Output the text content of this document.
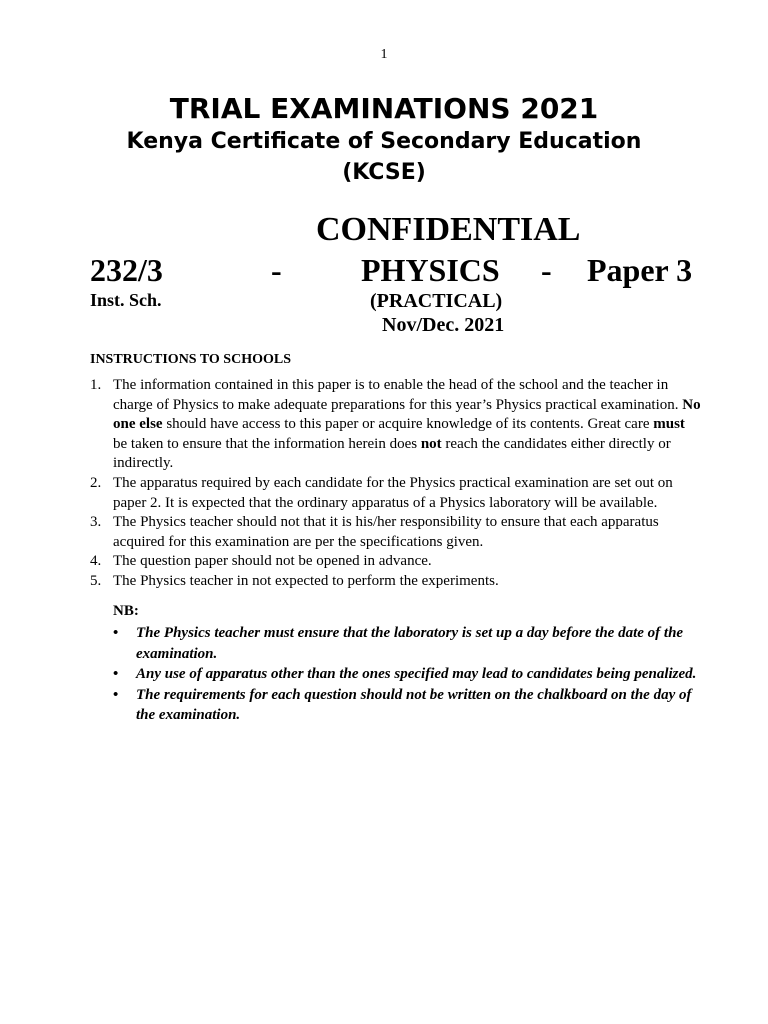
1

TRIAL EXAMINATIONS 2021

Kenya Certificate of Secondary Education

(KCSE)

CONFIDENTIAL
232/3	- PHYSICS - Paper 3
Inst. Sch.	(PRACTICAL)
Nov/Dec. 2021
INSTRUCTIONS TO SCHOOLS
1. The information contained in this paper is to enable the head of the school and the teacher in charge of Physics to make adequate preparations for this year’s Physics practical examination. No one else should have access to this paper or acquire knowledge of its contents. Great care must be taken to ensure that the information herein does not reach the candidates either directly or indirectly.
2. The apparatus required by each candidate for the Physics practical examination are set out on paper 2. It is expected that the ordinary apparatus of a Physics laboratory will be available.
3. The Physics teacher should not that it is his/her responsibility to ensure that each apparatus acquired for this examination are per the specifications given.
4. The question paper should not be opened in advance.
5. The Physics teacher in not expected to perform the experiments.
NB:
• The Physics teacher must ensure that the laboratory is set up a day before the date of the examination.
• Any use of apparatus other than the ones specified may lead to candidates being penalized.
• The requirements for each question should not be written on the chalkboard on the day of the examination.
